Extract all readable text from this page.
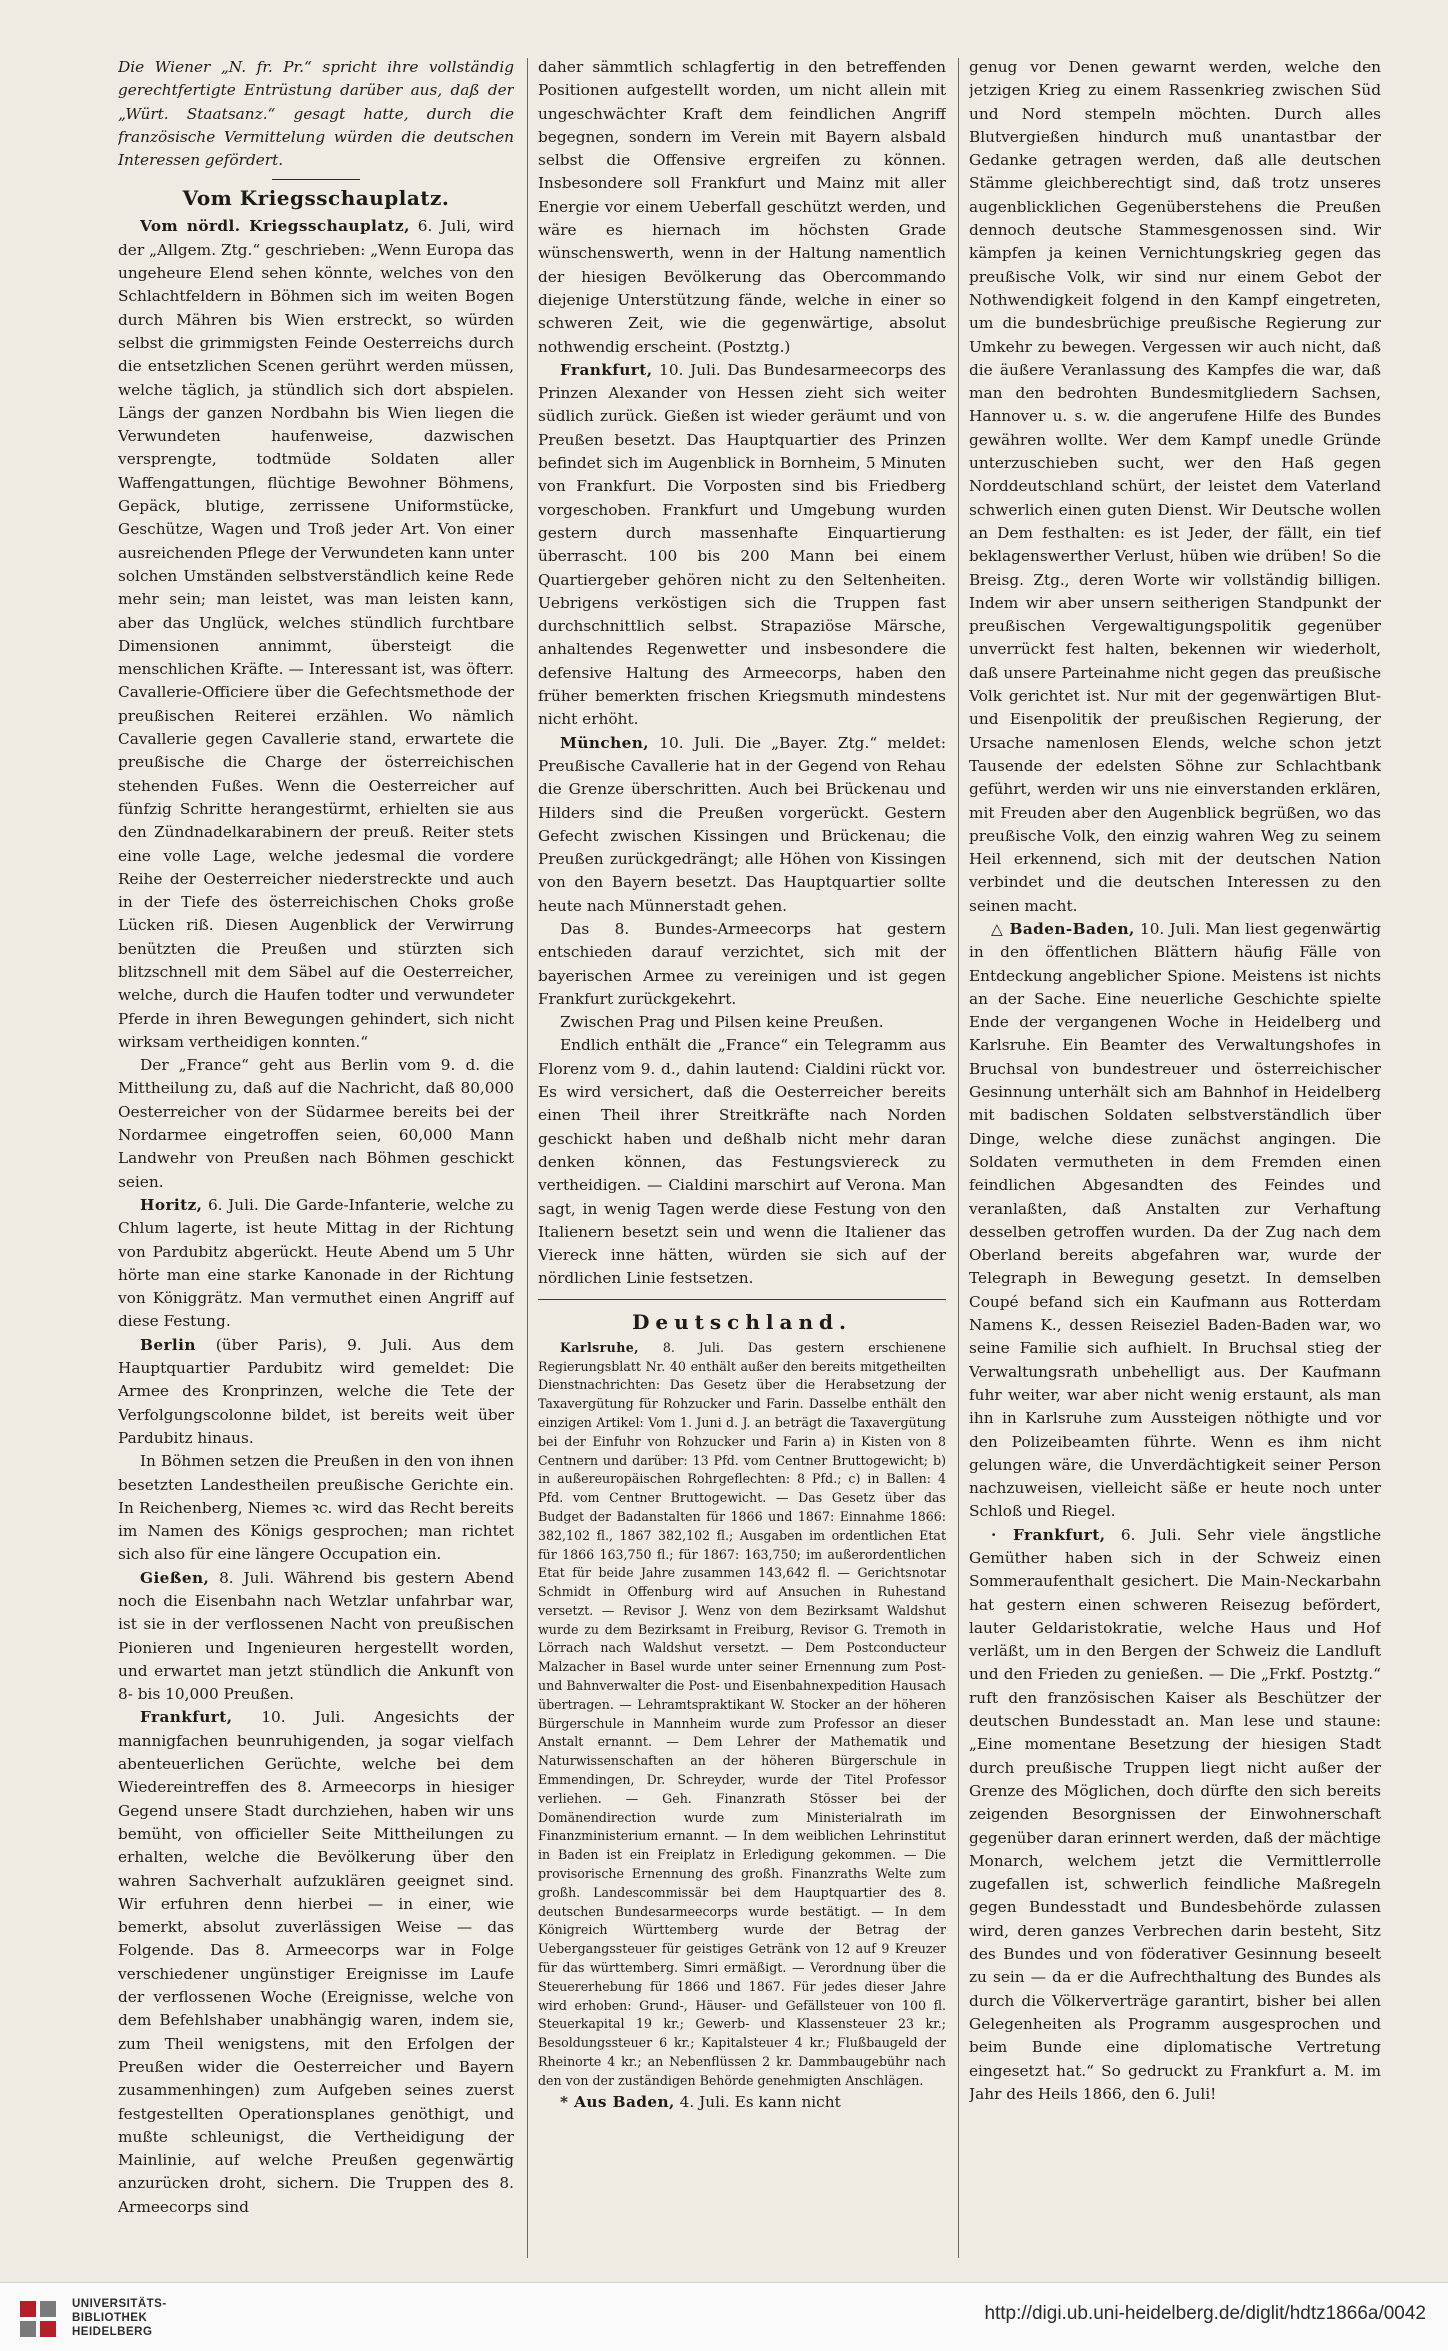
Die Wiener „N. fr. Pr.“ spricht ihre vollständig gerechtfertigte Entrüstung darüber aus, daß der „Würt. Staatsanz.“ gesagt hatte, durch die französische Vermittelung würden die deutschen Interessen gefördert.

Vom Kriegsschauplatz.

Vom nördl. Kriegsschauplatz, 6. Juli, wird der „Allgem. Ztg.“ geschrieben: „Wenn Europa das ungeheure Elend sehen könnte, welches von den Schlachtfeldern in Böhmen sich im weiten Bogen durch Mähren bis Wien erstreckt, so würden selbst die grimmigsten Feinde Oesterreichs durch die entsetzlichen Scenen gerührt werden müssen, welche täglich, ja stündlich sich dort abspielen. Längs der ganzen Nordbahn bis Wien liegen die Verwundeten haufenweise, dazwischen versprengte, todtmüde Soldaten aller Waffengattungen, flüchtige Bewohner Böhmens, Gepäck, blutige, zerrissene Uniformstücke, Geschütze, Wagen und Troß jeder Art. Von einer ausreichenden Pflege der Verwundeten kann unter solchen Umständen selbstverständlich keine Rede mehr sein; man leistet, was man leisten kann, aber das Unglück, welches stündlich furchtbare Dimensionen annimmt, übersteigt die menschlichen Kräfte. — Interessant ist, was öfterr. Cavallerie-Officiere über die Gefechtsmethode der preußischen Reiterei erzählen. Wo nämlich Cavallerie gegen Cavallerie stand, erwartete die preußische die Charge der österreichischen stehenden Fußes. Wenn die Oesterreicher auf fünfzig Schritte herangestürmt, erhielten sie aus den Zündnadelkarabinern der preuß. Reiter stets eine volle Lage, welche jedesmal die vordere Reihe der Oesterreicher niederstreckte und auch in der Tiefe des österreichischen Choks große Lücken riß. Diesen Augenblick der Verwirrung benützten die Preußen und stürzten sich blitzschnell mit dem Säbel auf die Oesterreicher, welche, durch die Haufen todter und verwundeter Pferde in ihren Bewegungen gehindert, sich nicht wirksam vertheidigen konnten.“

Der „France“ geht aus Berlin vom 9. d. die Mittheilung zu, daß auf die Nachricht, daß 80,000 Oesterreicher von der Südarmee bereits bei der Nordarmee eingetroffen seien, 60,000 Mann Landwehr von Preußen nach Böhmen geschickt seien.

Horitz, 6. Juli. Die Garde-Infanterie, welche zu Chlum lagerte, ist heute Mittag in der Richtung von Pardubitz abgerückt. Heute Abend um 5 Uhr hörte man eine starke Kanonade in der Richtung von Königgrätz. Man vermuthet einen Angriff auf diese Festung.

Berlin (über Paris), 9. Juli. Aus dem Hauptquartier Pardubitz wird gemeldet: Die Armee des Kronprinzen, welche die Tete der Verfolgungscolonne bildet, ist bereits weit über Pardubitz hinaus.

In Böhmen setzen die Preußen in den von ihnen besetzten Landestheilen preußische Gerichte ein. In Reichenberg, Niemes ꝛc. wird das Recht bereits im Namen des Königs gesprochen; man richtet sich also für eine längere Occupation ein.

Gießen, 8. Juli. Während bis gestern Abend noch die Eisenbahn nach Wetzlar unfahrbar war, ist sie in der verflossenen Nacht von preußischen Pionieren und Ingenieuren hergestellt worden, und erwartet man jetzt stündlich die Ankunft von 8- bis 10,000 Preußen.

Frankfurt, 10. Juli. Angesichts der mannigfachen beunruhigenden, ja sogar vielfach abenteuerlichen Gerüchte, welche bei dem Wiedereintreffen des 8. Armeecorps in hiesiger Gegend unsere Stadt durchziehen, haben wir uns bemüht, von officieller Seite Mittheilungen zu erhalten, welche die Bevölkerung über den wahren Sachverhalt aufzuklären geeignet sind. Wir erfuhren denn hierbei — in einer, wie bemerkt, absolut zuverlässigen Weise — das Folgende. Das 8. Armeecorps war in Folge verschiedener ungünstiger Ereignisse im Laufe der verflossenen Woche (Ereignisse, welche von dem Befehlshaber unabhängig waren, indem sie, zum Theil wenigstens, mit den Erfolgen der Preußen wider die Oesterreicher und Bayern zusammenhingen) zum Aufgeben seines zuerst festgestellten Operationsplanes genöthigt, und mußte schleunigst, die Vertheidigung der Mainlinie, auf welche Preußen gegenwärtig anzurücken droht, sichern. Die Truppen des 8. Armeecorps sind

daher sämmtlich schlagfertig in den betreffenden Positionen aufgestellt worden, um nicht allein mit ungeschwächter Kraft dem feindlichen Angriff begegnen, sondern im Verein mit Bayern alsbald selbst die Offensive ergreifen zu können. Insbesondere soll Frankfurt und Mainz mit aller Energie vor einem Ueberfall geschützt werden, und wäre es hiernach im höchsten Grade wünschenswerth, wenn in der Haltung namentlich der hiesigen Bevölkerung das Obercommando diejenige Unterstützung fände, welche in einer so schweren Zeit, wie die gegenwärtige, absolut nothwendig erscheint. (Postztg.)

Frankfurt, 10. Juli. Das Bundesarmeecorps des Prinzen Alexander von Hessen zieht sich weiter südlich zurück. Gießen ist wieder geräumt und von Preußen besetzt. Das Hauptquartier des Prinzen befindet sich im Augenblick in Bornheim, 5 Minuten von Frankfurt. Die Vorposten sind bis Friedberg vorgeschoben. Frankfurt und Umgebung wurden gestern durch massenhafte Einquartierung überrascht. 100 bis 200 Mann bei einem Quartiergeber gehören nicht zu den Seltenheiten. Uebrigens verköstigen sich die Truppen fast durchschnittlich selbst. Strapaziöse Märsche, anhaltendes Regenwetter und insbesondere die defensive Haltung des Armeecorps, haben den früher bemerkten frischen Kriegsmuth mindestens nicht erhöht.

München, 10. Juli. Die „Bayer. Ztg.“ meldet: Preußische Cavallerie hat in der Gegend von Rehau die Grenze überschritten. Auch bei Brückenau und Hilders sind die Preußen vorgerückt. Gestern Gefecht zwischen Kissingen und Brückenau; die Preußen zurückgedrängt; alle Höhen von Kissingen von den Bayern besetzt. Das Hauptquartier sollte heute nach Münnerstadt gehen.

Das 8. Bundes-Armeecorps hat gestern entschieden darauf verzichtet, sich mit der bayerischen Armee zu vereinigen und ist gegen Frankfurt zurückgekehrt.

Zwischen Prag und Pilsen keine Preußen.

Endlich enthält die „France“ ein Telegramm aus Florenz vom 9. d., dahin lautend: Cialdini rückt vor. Es wird versichert, daß die Oesterreicher bereits einen Theil ihrer Streitkräfte nach Norden geschickt haben und deßhalb nicht mehr daran denken können, das Festungsviereck zu vertheidigen. — Cialdini marschirt auf Verona. Man sagt, in wenig Tagen werde diese Festung von den Italienern besetzt sein und wenn die Italiener das Viereck inne hätten, würden sie sich auf der nördlichen Linie festsetzen.

Deutschland.

Karlsruhe, 8. Juli. Das gestern erschienene Regierungsblatt Nr. 40 enthält außer den bereits mitgetheilten Dienstnachrichten: Das Gesetz über die Herabsetzung der Taxavergütung für Rohzucker und Farin. Dasselbe enthält den einzigen Artikel: Vom 1. Juni d. J. an beträgt die Taxavergütung bei der Einfuhr von Rohzucker und Farin a) in Kisten von 8 Centnern und darüber: 13 Pfd. vom Centner Bruttogewicht; b) in außereuropäischen Rohrgeflechten: 8 Pfd.; c) in Ballen: 4 Pfd. vom Centner Bruttogewicht. — Das Gesetz über das Budget der Badanstalten für 1866 und 1867: Einnahme 1866: 382,102 fl., 1867 382,102 fl.; Ausgaben im ordentlichen Etat für 1866 163,750 fl.; für 1867: 163,750; im außerordentlichen Etat für beide Jahre zusammen 143,642 fl. — Gerichtsnotar Schmidt in Offenburg wird auf Ansuchen in Ruhestand versetzt. — Revisor J. Wenz von dem Bezirksamt Waldshut wurde zu dem Bezirksamt in Freiburg, Revisor G. Tremoth in Lörrach nach Waldshut versetzt. — Dem Postconducteur Malzacher in Basel wurde unter seiner Ernennung zum Post- und Bahnverwalter die Post- und Eisenbahnexpedition Hausach übertragen. — Lehramtspraktikant W. Stocker an der höheren Bürgerschule in Mannheim wurde zum Professor an dieser Anstalt ernannt. — Dem Lehrer der Mathematik und Naturwissenschaften an der höheren Bürgerschule in Emmendingen, Dr. Schreyder, wurde der Titel Professor verliehen. — Geh. Finanzrath Stösser bei der Domänendirection wurde zum Ministerialrath im Finanzministerium ernannt. — In dem weiblichen Lehrinstitut in Baden ist ein Freiplatz in Erledigung gekommen. — Die provisorische Ernennung des großh. Finanzraths Welte zum großh. Landescommissär bei dem Hauptquartier des 8. deutschen Bundesarmeecorps wurde bestätigt. — In dem Königreich Württemberg wurde der Betrag der Uebergangssteuer für geistiges Getränk von 12 auf 9 Kreuzer für das württemberg. Simri ermäßigt. — Verordnung über die Steuererhebung für 1866 und 1867. Für jedes dieser Jahre wird erhoben: Grund-, Häuser- und Gefällsteuer von 100 fl. Steuerkapital 19 kr.; Gewerb- und Klassensteuer 23 kr.; Besoldungssteuer 6 kr.; Kapitalsteuer 4 kr.; Flußbaugeld der Rheinorte 4 kr.; an Nebenflüssen 2 kr. Dammbaugebühr nach den von der zuständigen Behörde genehmigten Anschlägen.

* Aus Baden, 4. Juli. Es kann nicht

genug vor Denen gewarnt werden, welche den jetzigen Krieg zu einem Rassenkrieg zwischen Süd und Nord stempeln möchten. Durch alles Blutvergießen hindurch muß unantastbar der Gedanke getragen werden, daß alle deutschen Stämme gleichberechtigt sind, daß trotz unseres augenblicklichen Gegenüberstehens die Preußen dennoch deutsche Stammesgenossen sind. Wir kämpfen ja keinen Vernichtungskrieg gegen das preußische Volk, wir sind nur einem Gebot der Nothwendigkeit folgend in den Kampf eingetreten, um die bundesbrüchige preußische Regierung zur Umkehr zu bewegen. Vergessen wir auch nicht, daß die äußere Veranlassung des Kampfes die war, daß man den bedrohten Bundesmitgliedern Sachsen, Hannover u. s. w. die angerufene Hilfe des Bundes gewähren wollte. Wer dem Kampf unedle Gründe unterzuschieben sucht, wer den Haß gegen Norddeutschland schürt, der leistet dem Vaterland schwerlich einen guten Dienst. Wir Deutsche wollen an Dem festhalten: es ist Jeder, der fällt, ein tief beklagenswerther Verlust, hüben wie drüben! So die Breisg. Ztg., deren Worte wir vollständig billigen. Indem wir aber unsern seitherigen Standpunkt der preußischen Vergewaltigungspolitik gegenüber unverrückt fest halten, bekennen wir wiederholt, daß unsere Parteinahme nicht gegen das preußische Volk gerichtet ist. Nur mit der gegenwärtigen Blut- und Eisenpolitik der preußischen Regierung, der Ursache namenlosen Elends, welche schon jetzt Tausende der edelsten Söhne zur Schlachtbank geführt, werden wir uns nie einverstanden erklären, mit Freuden aber den Augenblick begrüßen, wo das preußische Volk, den einzig wahren Weg zu seinem Heil erkennend, sich mit der deutschen Nation verbindet und die deutschen Interessen zu den seinen macht.

△ Baden-Baden, 10. Juli. Man liest gegenwärtig in den öffentlichen Blättern häufig Fälle von Entdeckung angeblicher Spione. Meistens ist nichts an der Sache. Eine neuerliche Geschichte spielte Ende der vergangenen Woche in Heidelberg und Karlsruhe. Ein Beamter des Verwaltungshofes in Bruchsal von bundestreuer und österreichischer Gesinnung unterhält sich am Bahnhof in Heidelberg mit badischen Soldaten selbstverständlich über Dinge, welche diese zunächst angingen. Die Soldaten vermutheten in dem Fremden einen feindlichen Abgesandten des Feindes und veranlaßten, daß Anstalten zur Verhaftung desselben getroffen wurden. Da der Zug nach dem Oberland bereits abgefahren war, wurde der Telegraph in Bewegung gesetzt. In demselben Coupé befand sich ein Kaufmann aus Rotterdam Namens K., dessen Reiseziel Baden-Baden war, wo seine Familie sich aufhielt. In Bruchsal stieg der Verwaltungsrath unbehelligt aus. Der Kaufmann fuhr weiter, war aber nicht wenig erstaunt, als man ihn in Karlsruhe zum Aussteigen nöthigte und vor den Polizeibeamten führte. Wenn es ihm nicht gelungen wäre, die Unverdächtigkeit seiner Person nachzuweisen, vielleicht säße er heute noch unter Schloß und Riegel.

· Frankfurt, 6. Juli. Sehr viele ängstliche Gemüther haben sich in der Schweiz einen Sommeraufenthalt gesichert. Die Main-Neckarbahn hat gestern einen schweren Reisezug befördert, lauter Geldaristokratie, welche Haus und Hof verläßt, um in den Bergen der Schweiz die Landluft und den Frieden zu genießen. — Die „Frkf. Postztg.“ ruft den französischen Kaiser als Beschützer der deutschen Bundesstadt an. Man lese und staune: „Eine momentane Besetzung der hiesigen Stadt durch preußische Truppen liegt nicht außer der Grenze des Möglichen, doch dürfte den sich bereits zeigenden Besorgnissen der Einwohnerschaft gegenüber daran erinnert werden, daß der mächtige Monarch, welchem jetzt die Vermittlerrolle zugefallen ist, schwerlich feindliche Maßregeln gegen Bundesstadt und Bundesbehörde zulassen wird, deren ganzes Verbrechen darin besteht, Sitz des Bundes und von föderativer Gesinnung beseelt zu sein — da er die Aufrechthaltung des Bundes als durch die Völkerverträge garantirt, bisher bei allen Gelegenheiten als Programm ausgesprochen und beim Bunde eine diplomatische Vertretung eingesetzt hat.“ So gedruckt zu Frankfurt a. M. im Jahr des Heils 1866, den 6. Juli!

UNIVERSITÄTS-
BIBLIOTHEK
HEIDELBERG
http://digi.ub.uni-heidelberg.de/diglit/hdtz1866a/0042
